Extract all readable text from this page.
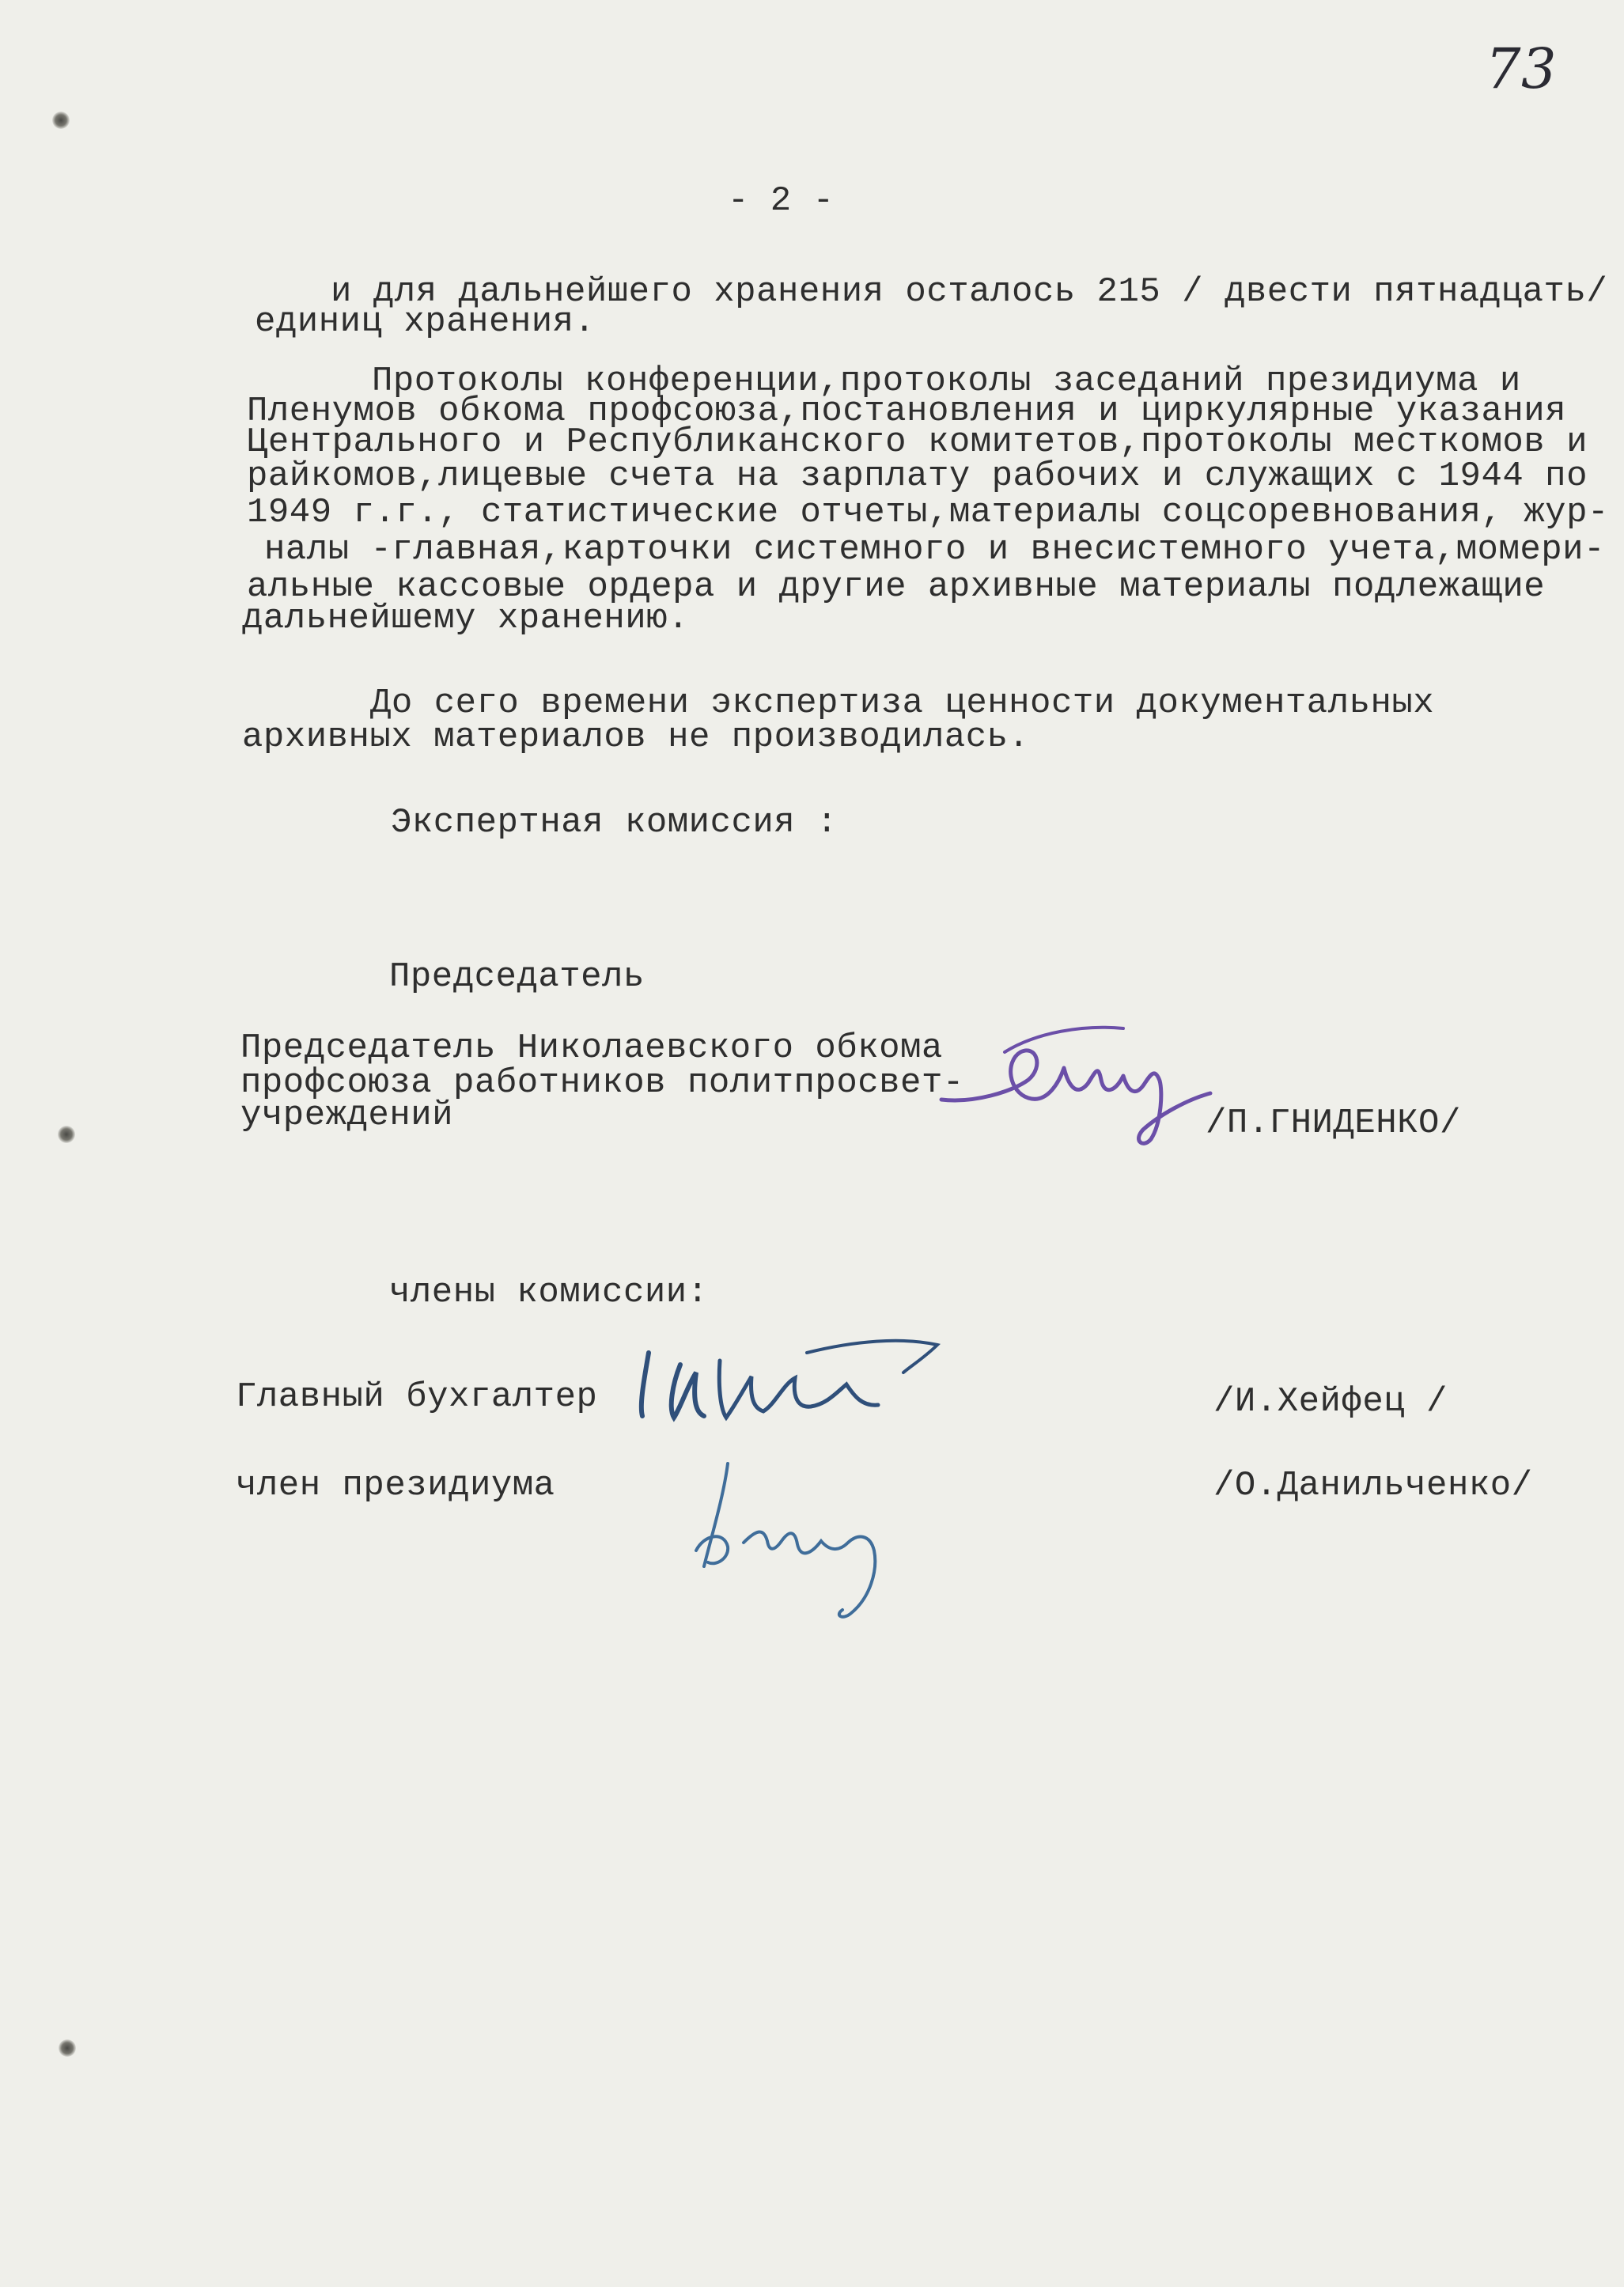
73
- 2 -
и для дальнейшего хранения осталось 215 / двести пятнадцать/
единиц хранения.
Протоколы конференции,протоколы заседаний президиума и
Пленумов обкома профсоюза,постановления и циркулярные указания
Центрального и Республиканского комитетов,протоколы месткомов и
райкомов,лицевые счета на зарплату рабочих и служащих с 1944 по
1949 г.г., статистические отчеты,материалы соцсоревнования, жур-
налы -главная,карточки системного и внесистемного учета,момери-
альные кассовые ордера и другие архивные материалы подлежащие
дальнейшему хранению.
До сего времени экспертиза ценности документальных
архивных материалов не производилась.
Экспертная комиссия :
Председатель
Председатель Николаевского обкома
профсоюза работников политпросвет-
учреждений	/П.ГНИДЕНКО/
члены комиссии:
Главный бухгалтер	/И.Хейфец /
член президиума	/О.Данильченко/
